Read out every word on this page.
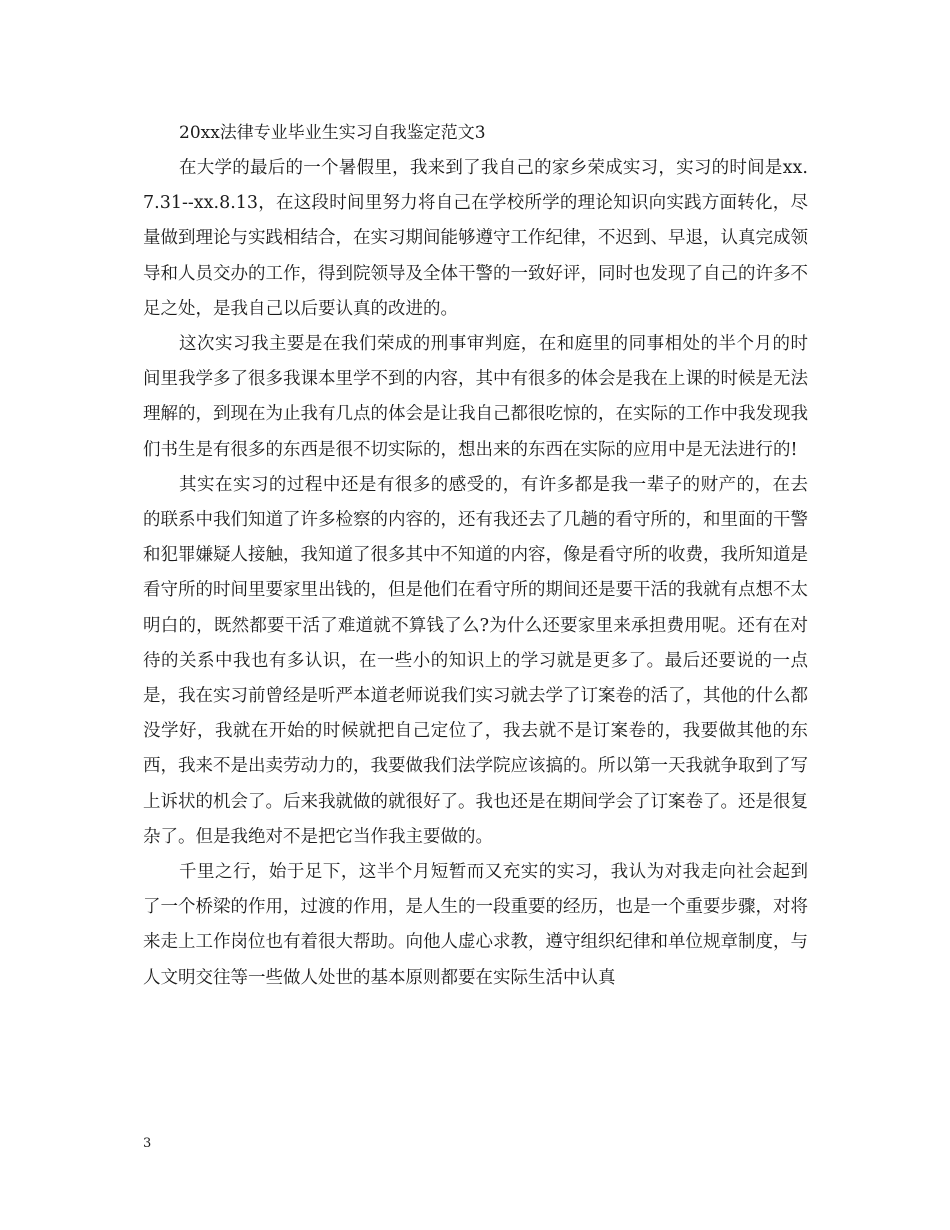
20xx法律专业毕业生实习自我鉴定范文3

在大学的最后的一个暑假里，我来到了我自己的家乡荣成实习，实习的时间是xx.7.31--xx.8.13，在这段时间里努力将自己在学校所学的理论知识向实践方面转化，尽量做到理论与实践相结合，在实习期间能够遵守工作纪律，不迟到、早退，认真完成领导和人员交办的工作，得到院领导及全体干警的一致好评，同时也发现了自己的许多不足之处，是我自己以后要认真的改进的。

这次实习我主要是在我们荣成的刑事审判庭，在和庭里的同事相处的半个月的时间里我学多了很多我课本里学不到的内容，其中有很多的体会是我在上课的时候是无法理解的，到现在为止我有几点的体会是让我自己都很吃惊的，在实际的工作中我发现我们书生是有很多的东西是很不切实际的，想出来的东西在实际的应用中是无法进行的!

其实在实习的过程中还是有很多的感受的，有许多都是我一辈子的财产的，在去的联系中我们知道了许多检察的内容的，还有我还去了几趟的看守所的，和里面的干警和犯罪嫌疑人接触，我知道了很多其中不知道的内容，像是看守所的收费，我所知道是看守所的时间里要家里出钱的，但是他们在看守所的期间还是要干活的我就有点想不太明白的，既然都要干活了难道就不算钱了么?为什么还要家里来承担费用呢。还有在对待的关系中我也有多认识，在一些小的知识上的学习就是更多了。最后还要说的一点是，我在实习前曾经是听严本道老师说我们实习就去学了订案卷的活了，其他的什么都没学好，我就在开始的时候就把自己定位了，我去就不是订案卷的，我要做其他的东西，我来不是出卖劳动力的，我要做我们法学院应该搞的。所以第一天我就争取到了写上诉状的机会了。后来我就做的就很好了。我也还是在期间学会了订案卷了。还是很复杂了。但是我绝对不是把它当作我主要做的。

千里之行，始于足下，这半个月短暂而又充实的实习，我认为对我走向社会起到了一个桥梁的作用，过渡的作用，是人生的一段重要的经历，也是一个重要步骤，对将来走上工作岗位也有着很大帮助。向他人虚心求教，遵守组织纪律和单位规章制度，与人文明交往等一些做人处世的基本原则都要在实际生活中认真

3
